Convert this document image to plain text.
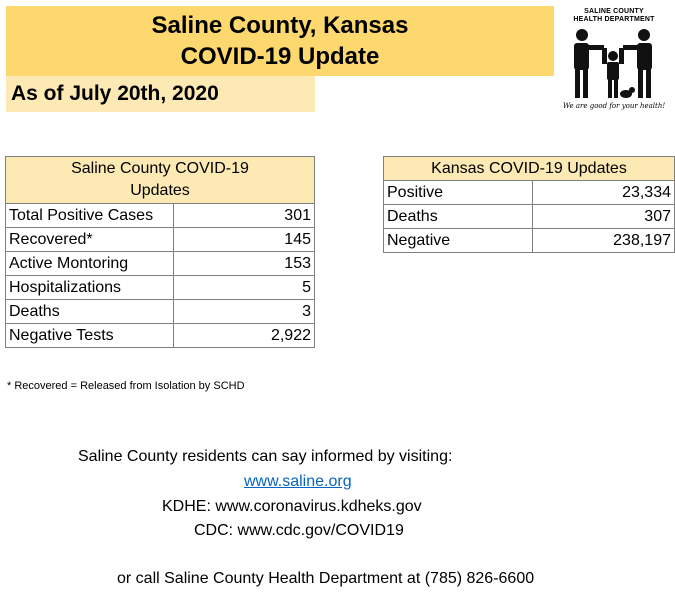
Saline County, Kansas
COVID-19 Update
As of July 20th, 2020
SALINE COUNTY
HEALTH DEPARTMENT
We are good for your health!
Saline County COVID-19
Updates	

Total Positive Cases	301
Recovered*	145
Active Montoring	153
Hospitalizations	5
Deaths	3
Negative Tests	2,922
Kansas COVID-19 Updates	
Positive	23,334
Deaths	307
Negative	238,197
* Recovered = Released from Isolation by SCHD
Saline County residents can say informed by visiting:
www.saline.org
KDHE: www.coronavirus.kdheks.gov
CDC: www.cdc.gov/COVID19
or call Saline County Health Department at (785) 826-6600
